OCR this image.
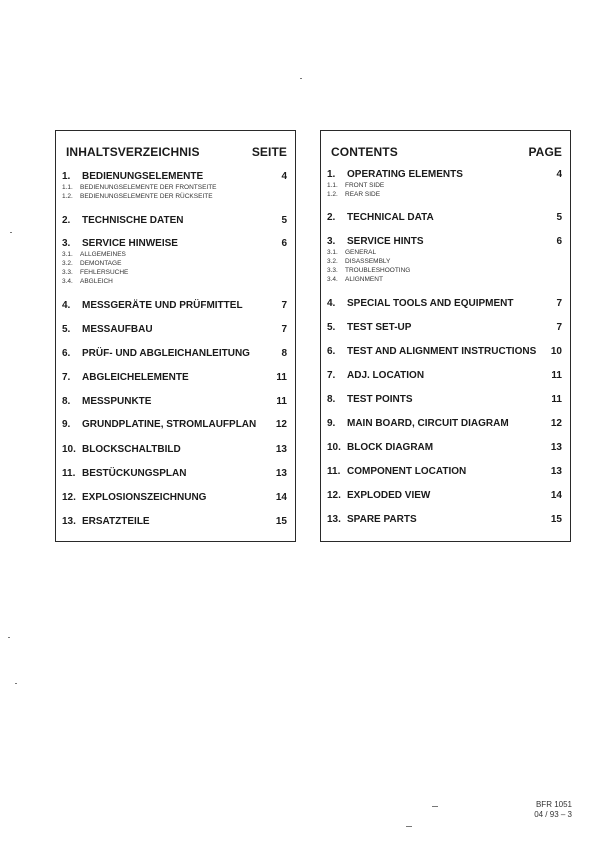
INHALTSVERZEICHNIS	SEITE
1. BEDIENUNGSELEMENTE	4
1.1. BEDIENUNGSELEMENTE DER FRONTSEITE
1.2. BEDIENUNGSELEMENTE DER RÜCKSEITE
2. TECHNISCHE DATEN	5
3. SERVICE HINWEISE	6
3.1. ALLGEMEINES
3.2. DEMONTAGE
3.3. FEHLERSUCHE
3.4. ABGLEICH
4. MESSGERÄTE UND PRÜFMITTEL	7
5. MESSAUFBAU	7
6. PRÜF- UND ABGLEICHANLEITUNG	8
7. ABGLEICHELEMENTE	11
8. MESSPUNKTE	11
9. GRUNDPLATINE, STROMLAUFPLAN 12
10. BLOCKSCHALTBILD	13
11. BESTÜCKUNGSPLAN	13
12. EXPLOSIONSZEICHNUNG	14
13. ERSATZTEILE	15
CONTENTS	PAGE
1. OPERATING ELEMENTS	4
1.1. FRONT SIDE
1.2. REAR SIDE
2. TECHNICAL DATA	5
3. SERVICE HINTS	6
3.1. GENERAL
3.2. DISASSEMBLY
3.3. TROUBLESHOOTING
3.4. ALIGNMENT
4. SPECIAL TOOLS AND EQUIPMENT	7
5. TEST SET-UP	7
6. TEST AND ALIGNMENT INSTRUCTIONS 10
7. ADJ. LOCATION	11
8. TEST POINTS	11
9. MAIN BOARD, CIRCUIT DIAGRAM	12
10. BLOCK DIAGRAM	13
11. COMPONENT LOCATION	13
12. EXPLODED VIEW	14
13. SPARE PARTS	15
BFR 1051
04 / 93 – 3
